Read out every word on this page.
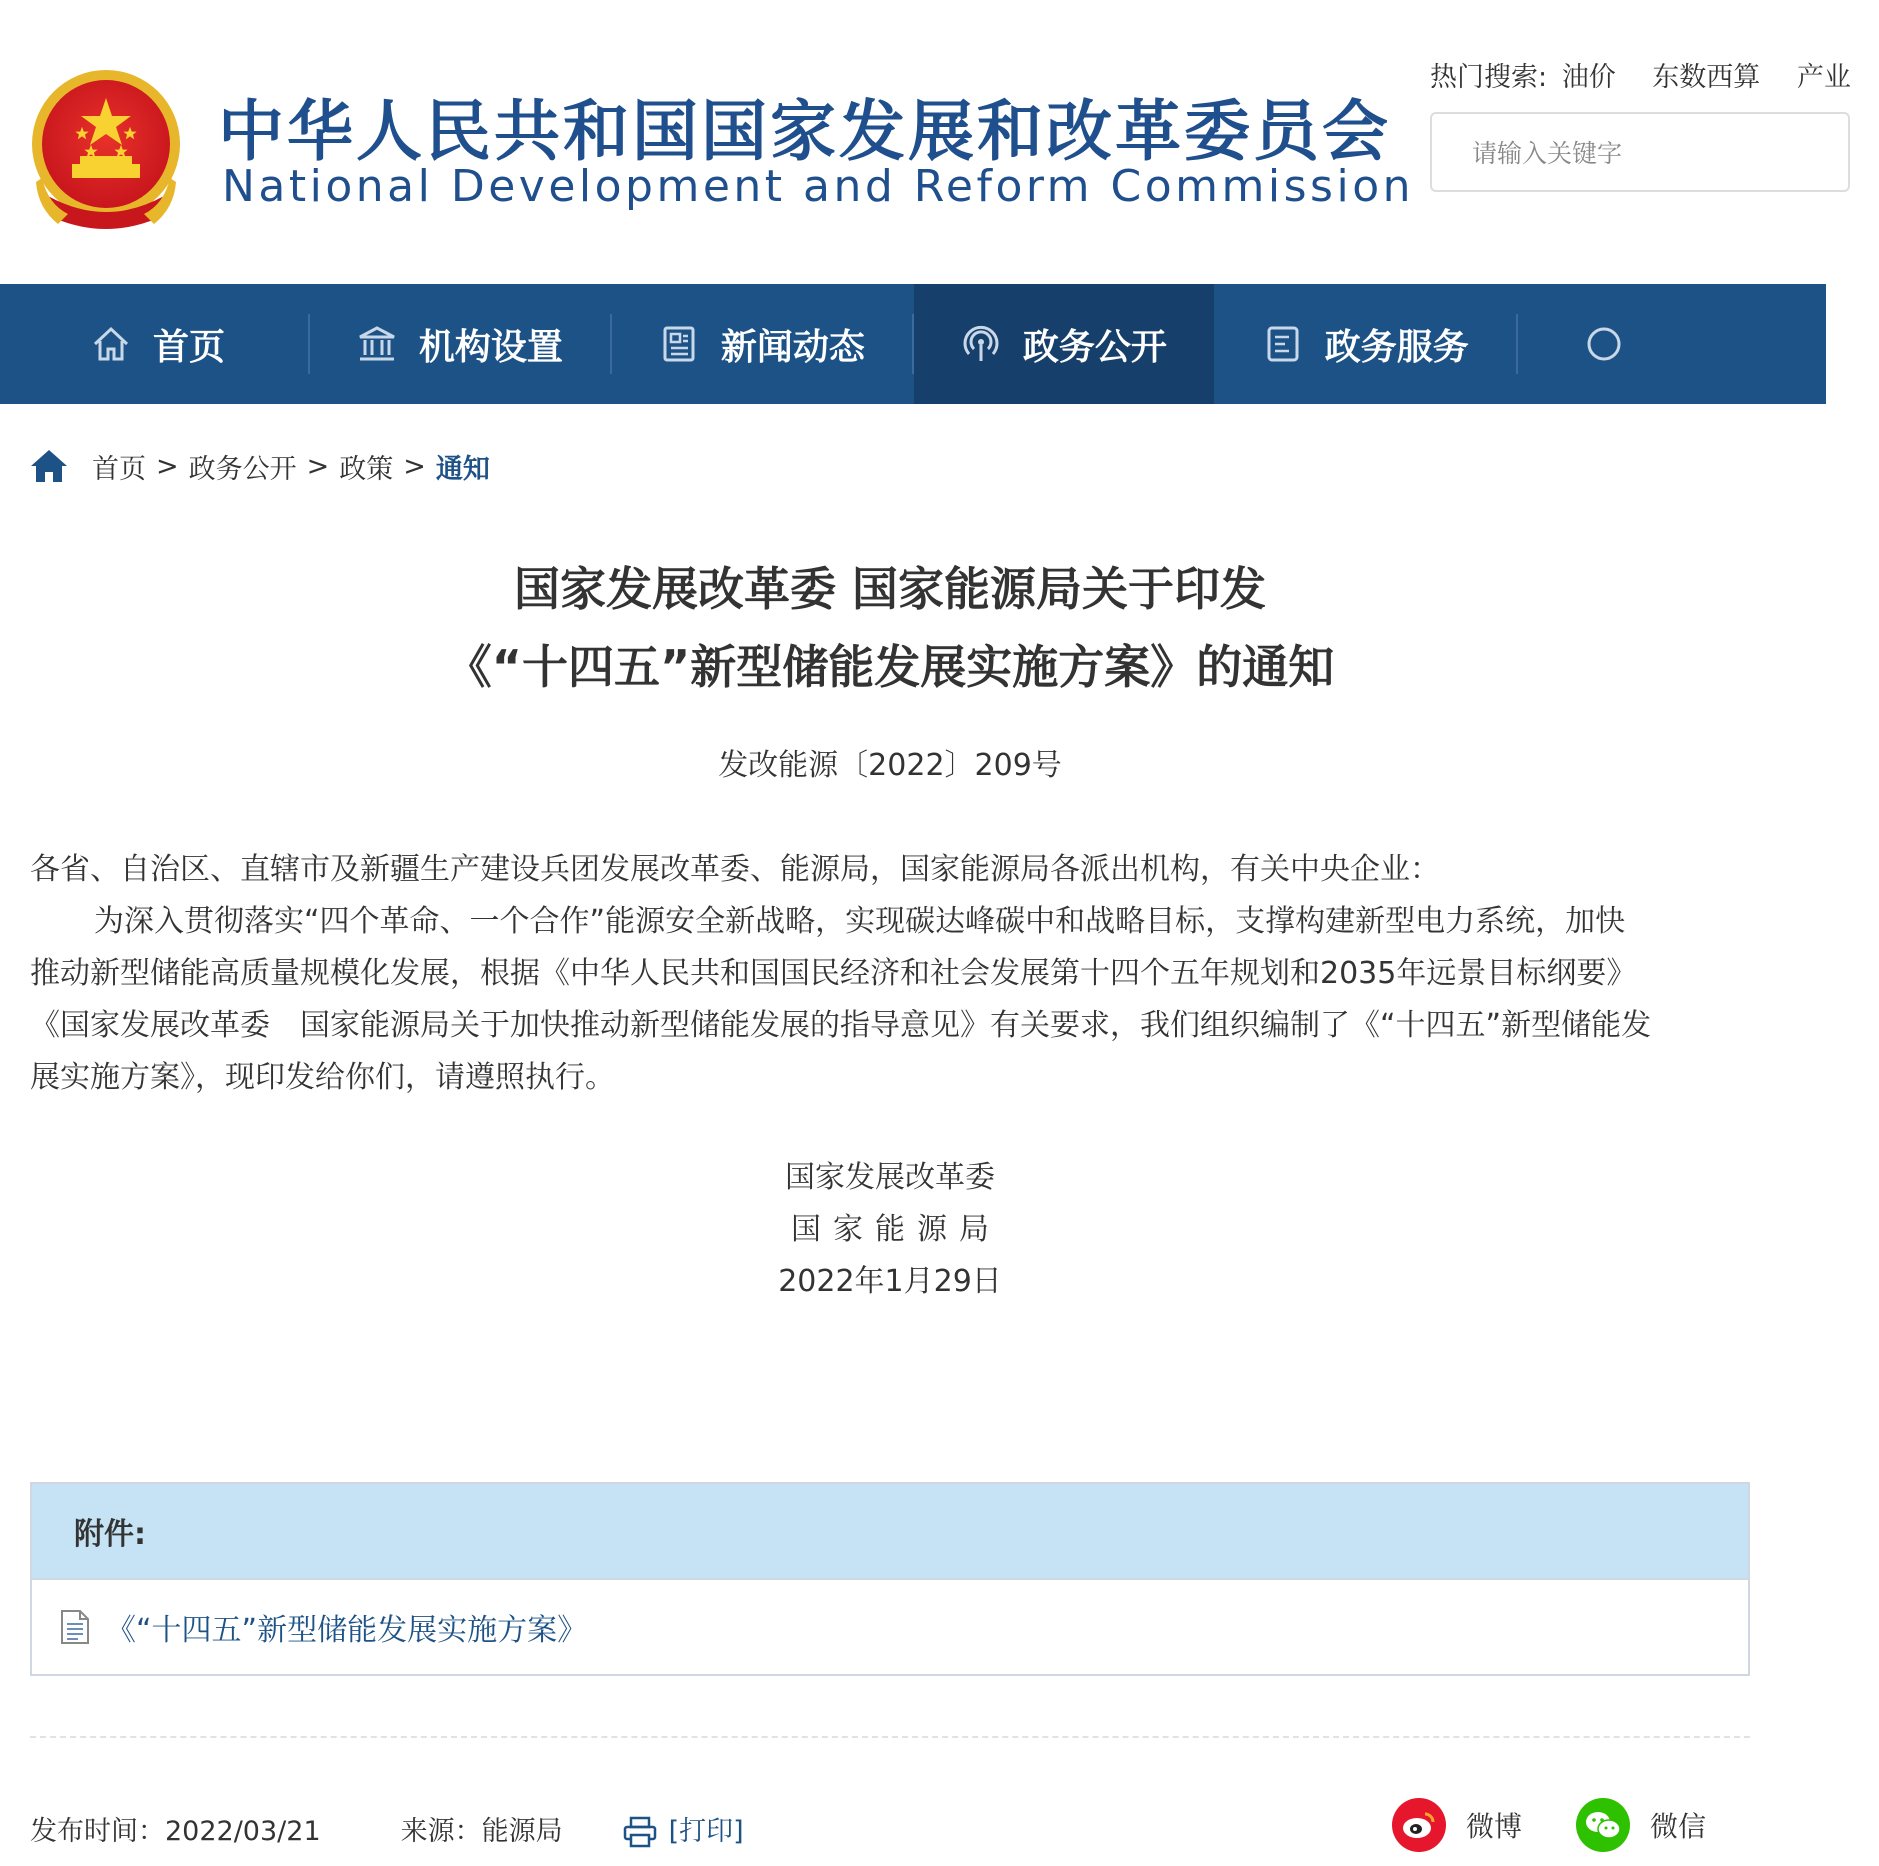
中华人民共和国国家发展和改革委员会
National Development and Reform Commission
热门搜索: 油价 东数西算 产业
请输入关键字
首页	机构设置	新闻动态	政务公开	政务服务
首页 > 政务公开 > 政策 > 通知
国家发展改革委 国家能源局关于印发
《“十四五”新型储能发展实施方案》的通知
发改能源〔2022〕209号

各省、自治区、直辖市及新疆生产建设兵团发展改革委、能源局，国家能源局各派出机构，有关中央企业：

为深入贯彻落实“四个革命、一个合作”能源安全新战略，实现碳达峰碳中和战略目标，支撑构建新型电力系统，加快

推动新型储能高质量规模化发展，根据《中华人民共和国国民经济和社会发展第十四个五年规划和2035年远景目标纲要》

《国家发展改革委　国家能源局关于加快推动新型储能发展的指导意见》有关要求，我们组织编制了《“十四五”新型储能发

展实施方案》，现印发给你们，请遵照执行。

国家发展改革委
国家能源局
2022年1月29日
附件:
《“十四五”新型储能发展实施方案》
发布时间：2022/03/21	来源：能源局	[打印]	微博	微信
